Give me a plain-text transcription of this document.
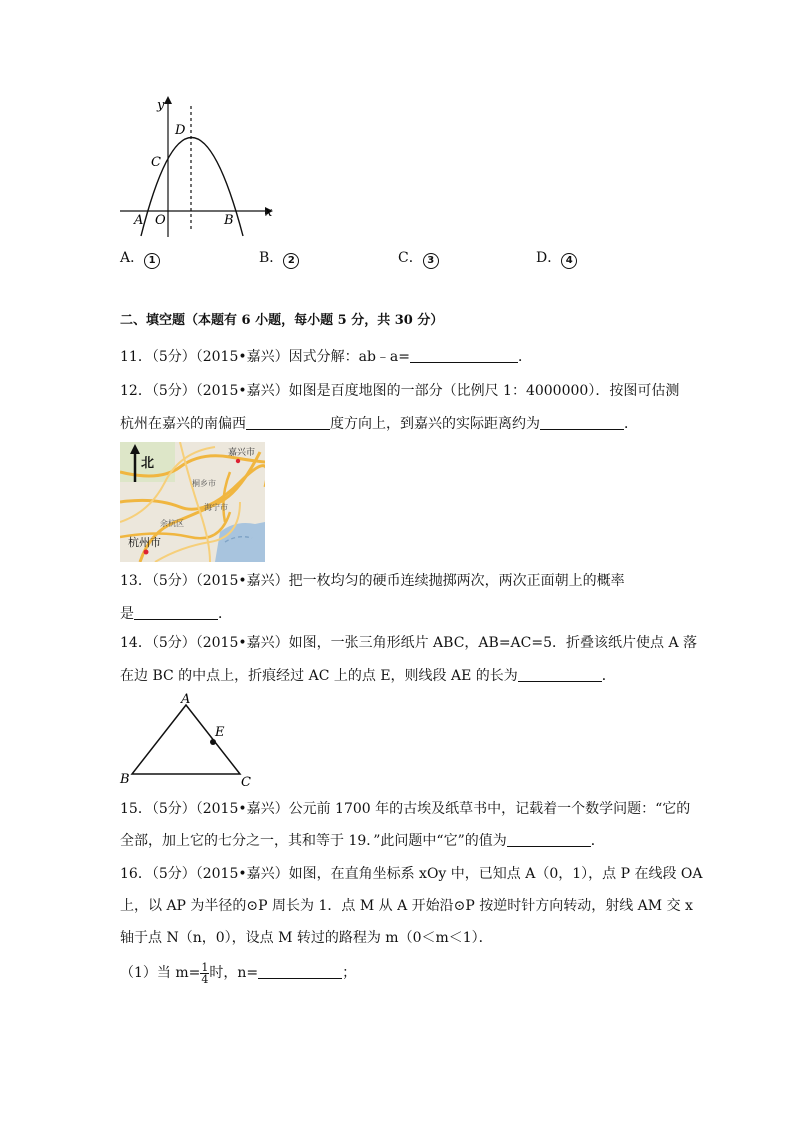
y
x
D
C
A O	B
A． 1	B． 2	C． 3	D． 4
二、填空题（本题有 6 小题，每小题 5 分，共 30 分）
11．（5分）（2015•嘉兴）因式分解：ab﹣a=	．
12．（5分）（2015•嘉兴）如图是百度地图的一部分（比例尺 1：4000000）．按图可估测
杭州在嘉兴的南偏西	度方向上，到嘉兴的实际距离约为	．
北
嘉兴市
桐乡市
海宁市
余杭区
杭州市
13．（5分）（2015•嘉兴）把一枚均匀的硬币连续抛掷两次，两次正面朝上的概率
是	．
14．（5分）（2015•嘉兴）如图，一张三角形纸片 ABC，AB=AC=5．折叠该纸片使点 A 落
在边 BC 的中点上，折痕经过 AC 上的点 E，则线段 AE 的长为	．
A
B	C
E
15．（5分）（2015•嘉兴）公元前 1700 年的古埃及纸草书中，记载着一个数学问题：“它的
全部，加上它的七分之一，其和等于 19．”此问题中“它”的值为	．
16．（5分）（2015•嘉兴）如图，在直角坐标系 xOy 中，已知点 A（0，1），点 P 在线段 OA
上，以 AP 为半径的⊙P 周长为 1．点 M 从 A 开始沿⊙P 按逆时针方向转动，射线 AM 交 x
轴于点 N（n，0），设点 M 转过的路程为 m（0＜m＜1）．
（1）当 $m= \frac{1}{4}$ 时，n=	；
